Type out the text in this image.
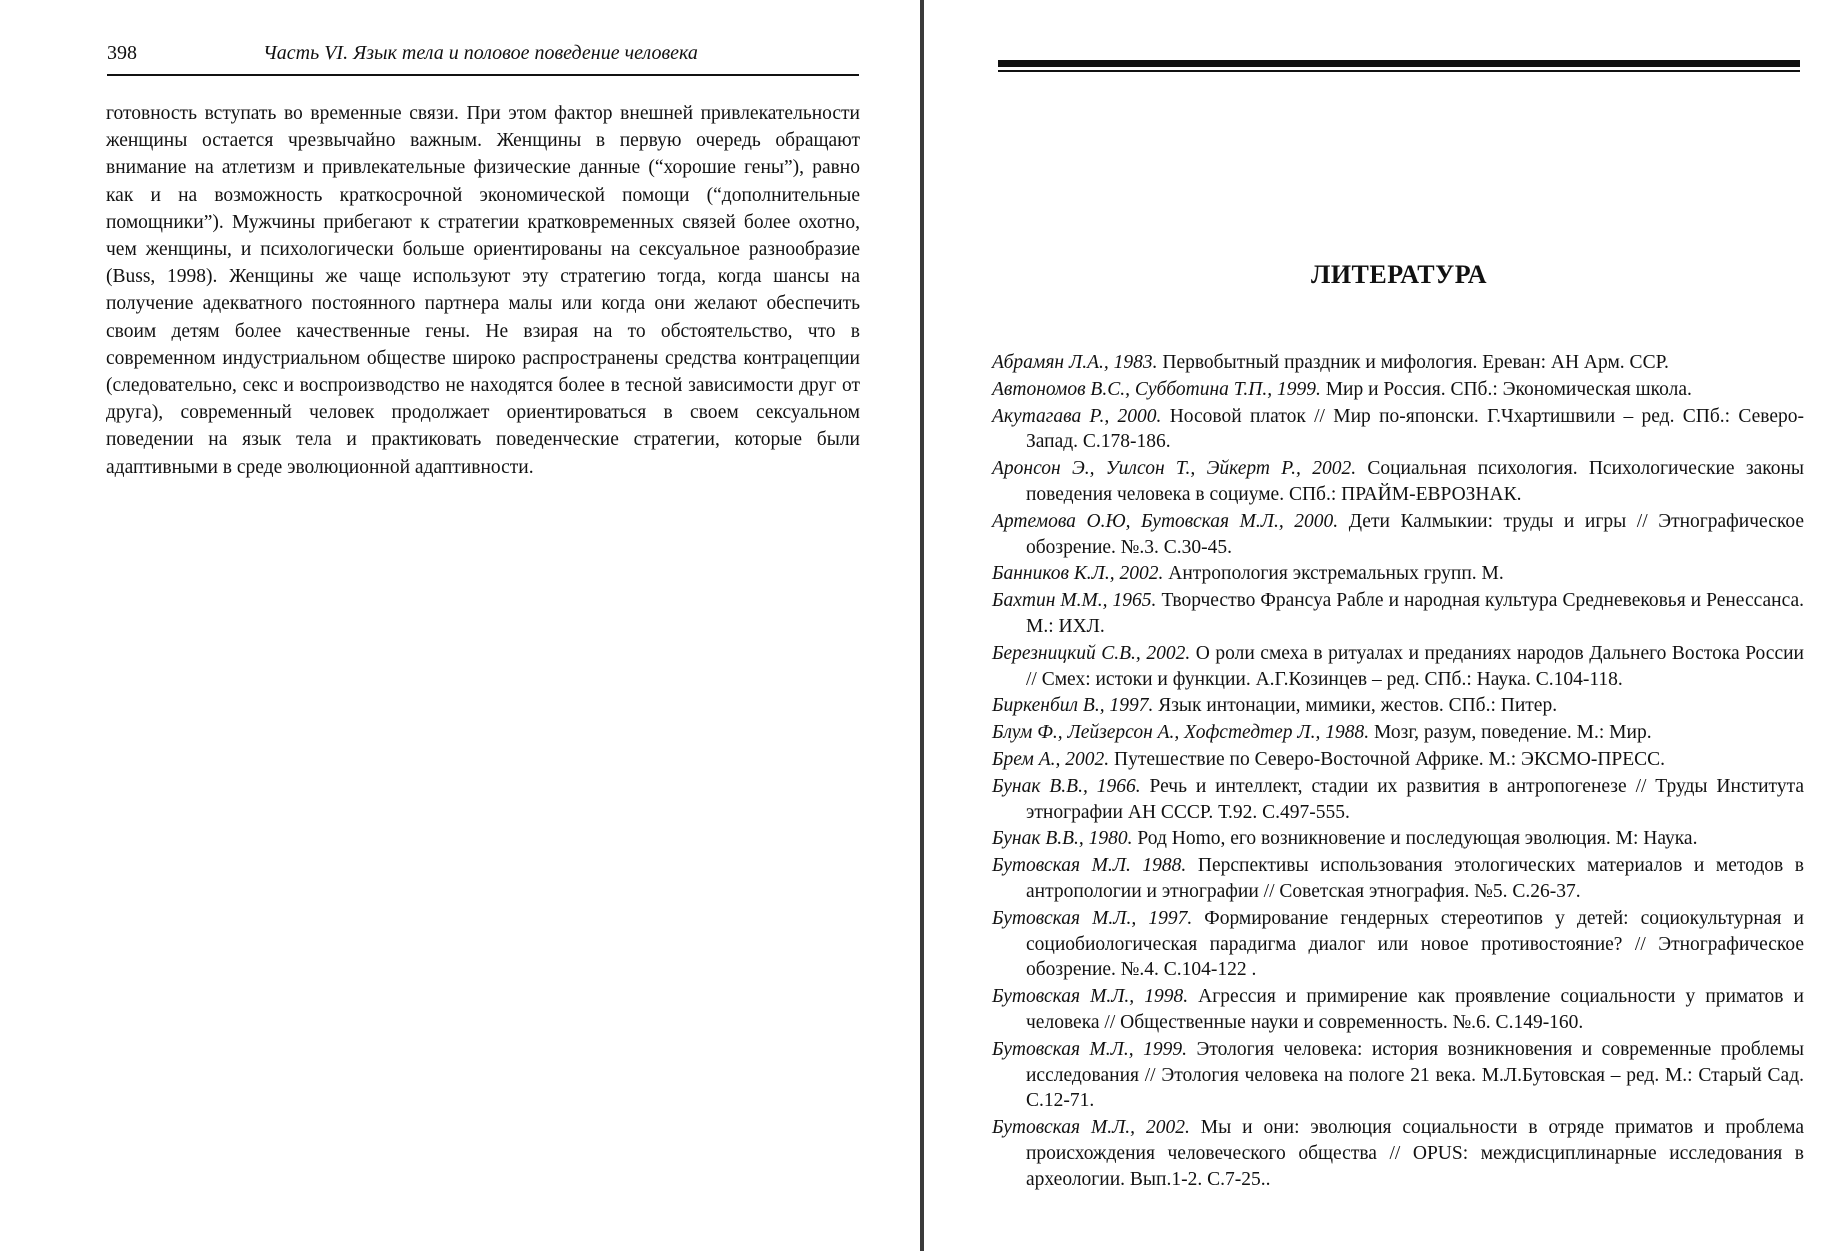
398	Часть VI. Язык тела и половое поведение человека
готовность вступать во временные связи. При этом фактор внешней привлекательности женщины остается чрезвычайно важным. Женщины в первую очередь обращают внимание на атлетизм и привлекательные физические данные (“хорошие гены”), равно как и на возможность краткосрочной экономической помощи (“дополнительные помощники”). Мужчины прибегают к стратегии кратковременных связей более охотно, чем женщины, и психологически больше ориентированы на сексуальное разнообразие (Buss, 1998). Женщины же чаще используют эту стратегию тогда, когда шансы на получение адекватного постоянного партнера малы или когда они желают обеспечить своим детям более качественные гены. Не взирая на то обстоятельство, что в современном индустриальном обществе широко распространены средства контрацепции (следовательно, секс и воспроизводство не находятся более в тесной зависимости друг от друга), современный человек продолжает ориентироваться в своем сексуальном поведении на язык тела и практиковать поведенческие стратегии, которые были адаптивными в среде эволюционной адаптивности.
ЛИТЕРАТУРА
Абрамян Л.А., 1983. Первобытный праздник и мифология. Ереван: АН Арм. ССР.
Автономов В.С., Субботина Т.П., 1999. Мир и Россия. СПб.: Экономическая школа.
Акутагава Р., 2000. Носовой платок // Мир по-японски. Г.Чхартишвили – ред. СПб.: Северо-Запад. С.178-186.
Аронсон Э., Уилсон Т., Эйкерт Р., 2002. Социальная психология. Психологические законы поведения человека в социуме. СПб.: ПРАЙМ-ЕВРОЗНАК.
Артемова О.Ю, Бутовская М.Л., 2000. Дети Калмыкии: труды и игры // Этнографическое обозрение. №.3. С.30-45.
Банников К.Л., 2002. Антропология экстремальных групп. М.
Бахтин М.М., 1965. Творчество Франсуа Рабле и народная культура Средневековья и Ренессанса. М.: ИХЛ.
Березницкий С.В., 2002. О роли смеха в ритуалах и преданиях народов Дальнего Востока России // Смех: истоки и функции. А.Г.Козинцев – ред. СПб.: Наука. С.104-118.
Биркенбил В., 1997. Язык интонации, мимики, жестов. СПб.: Питер.
Блум Ф., Лейзерсон А., Хофстедтер Л., 1988. Мозг, разум, поведение. М.: Мир.
Брем А., 2002. Путешествие по Северо-Восточной Африке. М.: ЭКСМО-ПРЕСС.
Бунак В.В., 1966. Речь и интеллект, стадии их развития в антропогенезе // Труды Института этнографии АН СССР. Т.92. С.497-555.
Бунак В.В., 1980. Род Homo, его возникновение и последующая эволюция. М: Наука.
Бутовская М.Л. 1988. Перспективы использования этологических материалов и методов в антропологии и этнографии // Советская этнография. №5. С.26-37.
Бутовская М.Л., 1997. Формирование гендерных стереотипов у детей: социокультурная и социобиологическая парадигма диалог или новое противостояние? // Этнографическое обозрение. №.4. С.104-122 .
Бутовская М.Л., 1998. Агрессия и примирение как проявление социальности у приматов и человека // Общественные науки и современность. №.6. С.149-160.
Бутовская М.Л., 1999. Этология человека: история возникновения и современные проблемы исследования // Этология человека на пологе 21 века. М.Л.Бутовская – ред. М.: Старый Сад. С.12-71.
Бутовская М.Л., 2002. Мы и они: эволюция социальности в отряде приматов и проблема происхождения человеческого общества // OPUS: междисциплинарные исследования в археологии. Вып.1-2. С.7-25..
